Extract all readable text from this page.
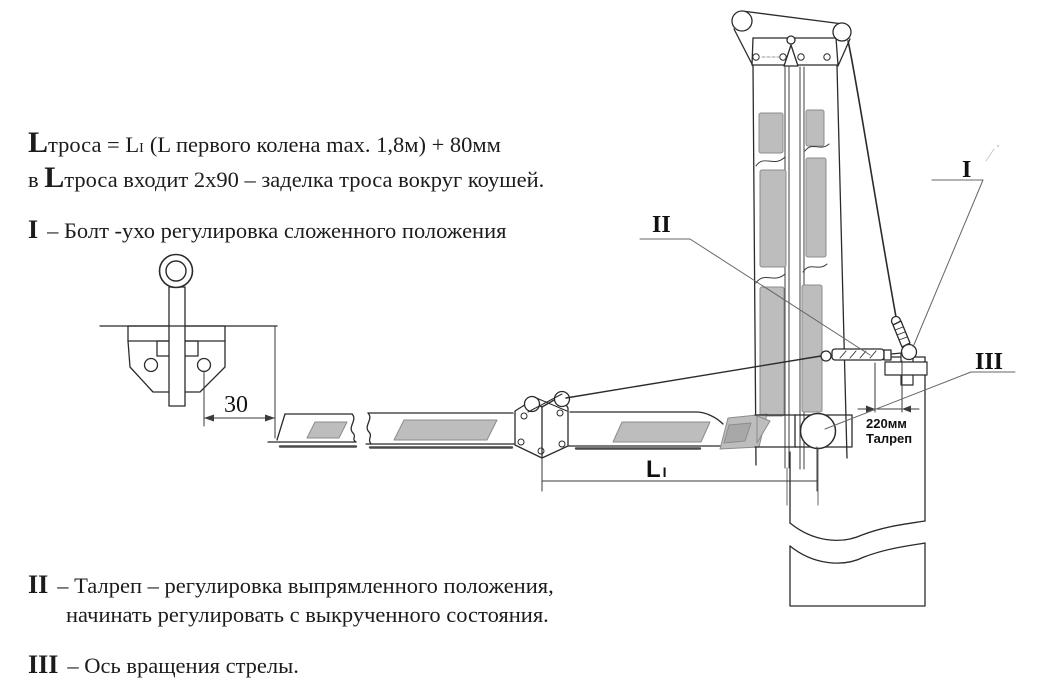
I
II
III
30
L I
220мм
Талреп
Lтроса = LI (L первого колена max. 1,8м) + 80мм
в Lтроса входит 2х90 – заделка троса вокруг коушей.
I – Болт -ухо регулировка сложенного положения
II – Талреп – регулировка выпрямленного положения,
начинать регулировать с выкрученного состояния.
III – Ось вращения стрелы.
